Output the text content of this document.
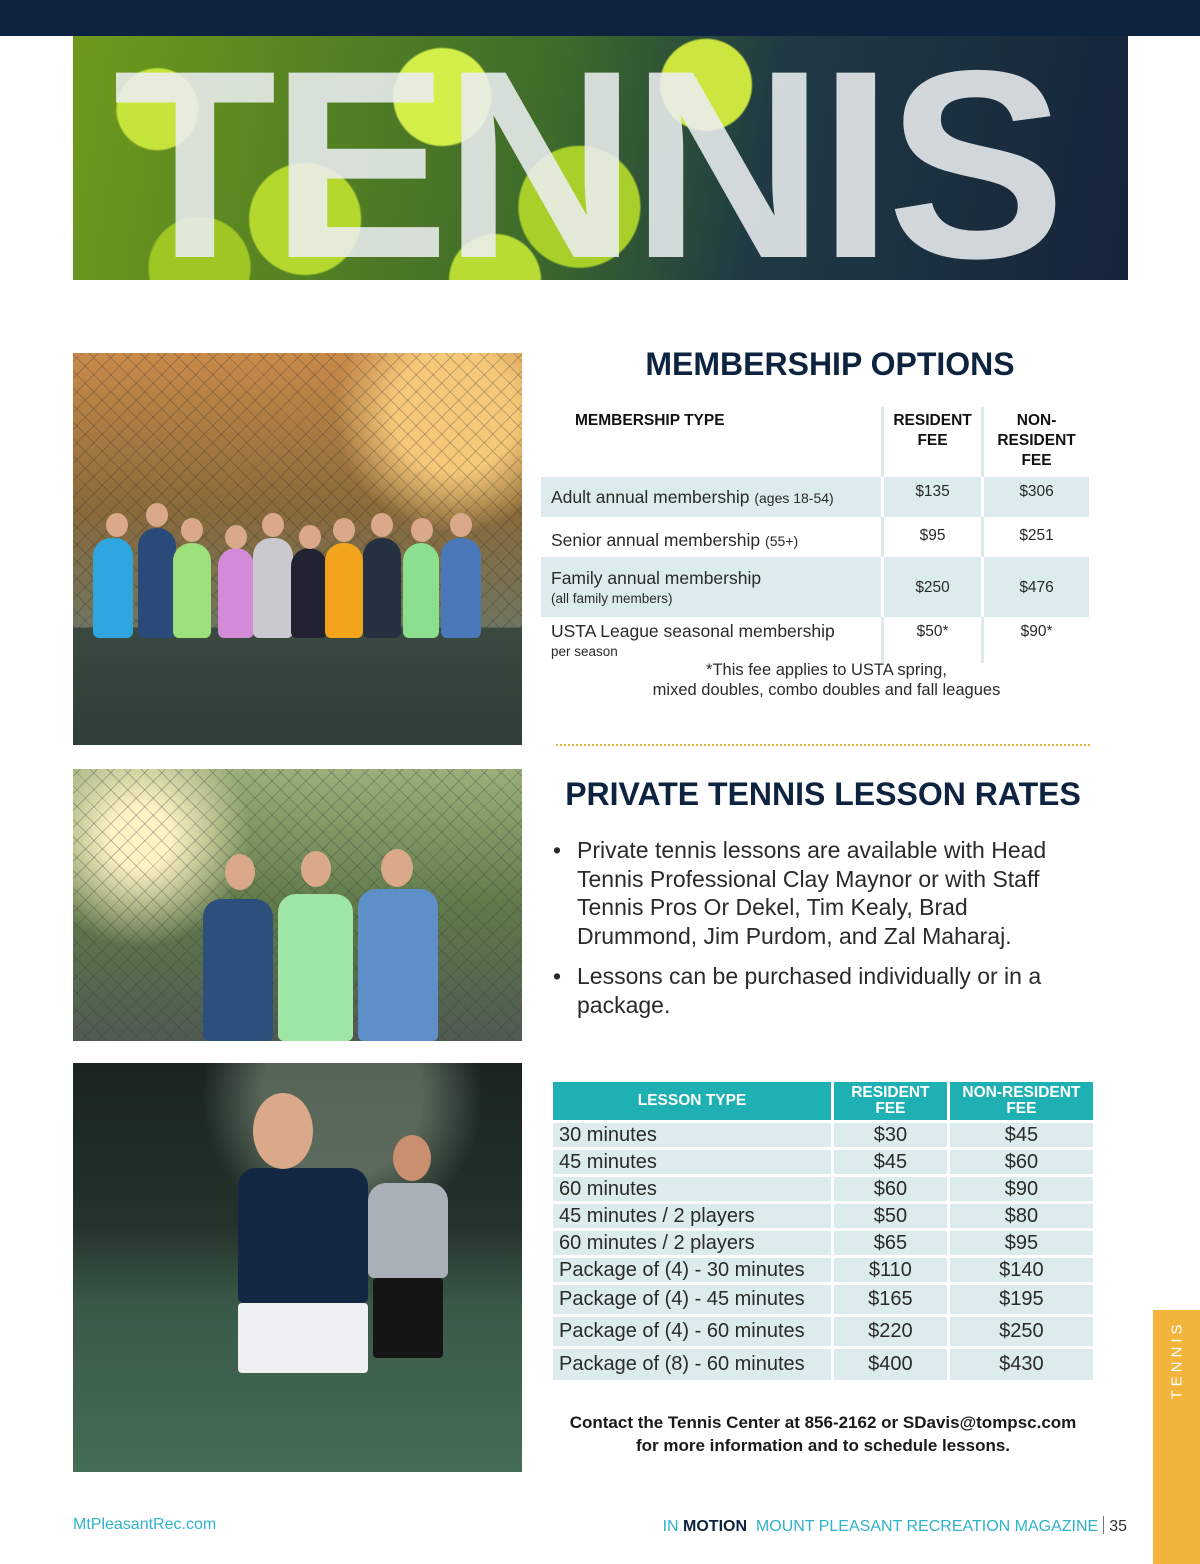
TENNIS
MEMBERSHIP OPTIONS
MEMBERSHIP TYPE	RESIDENT FEE	NON-RESIDENT FEE
Adult annual membership (ages 18-54)	$135	$306
Senior annual membership (55+)	$95	$251
Family annual membership
(all family members)	$250	$476
USTA League seasonal membership
per season	$50*	$90*
*This fee applies to USTA spring,
mixed doubles, combo doubles and fall leagues
PRIVATE TENNIS LESSON RATES
• Private tennis lessons are available with Head Tennis Professional Clay Maynor or with Staff Tennis Pros Or Dekel, Tim Kealy, Brad Drummond, Jim Purdom, and Zal Maharaj.
• Lessons can be purchased individually or in a package.
LESSON TYPE	RESIDENT FEE	NON-RESIDENT FEE
30 minutes	$30	$45
45 minutes	$45	$60
60 minutes	$60	$90
45 minutes / 2 players	$50	$80
60 minutes / 2 players	$65	$95
Package of (4) - 30 minutes	$110	$140
Package of (4) - 45 minutes	$165	$195
Package of (4) - 60 minutes	$220	$250
Package of (8) - 60 minutes	$400	$430
Contact the Tennis Center at 856-2162 or SDavis@tompsc.com
for more information and to schedule lessons.
TENNIS
MtPleasantRec.com	IN MOTION MOUNT PLEASANT RECREATION MAGAZINE 35
